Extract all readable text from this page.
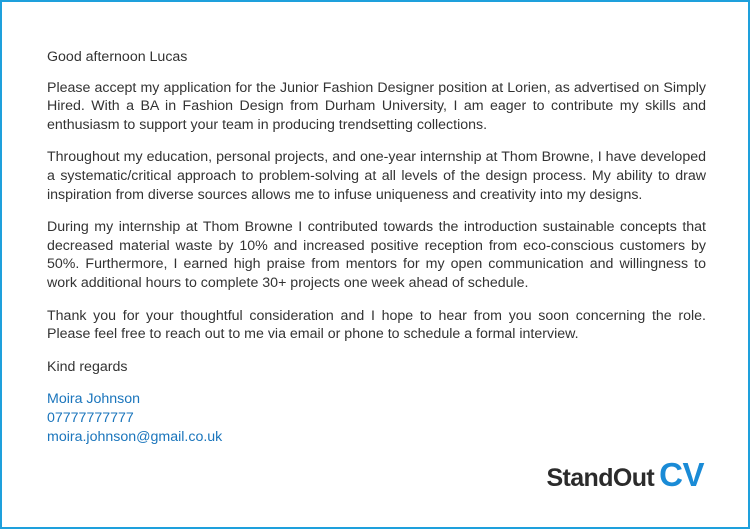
Good afternoon Lucas

Please accept my application for the Junior Fashion Designer position at Lorien, as advertised on Simply Hired. With a BA in Fashion Design from Durham University, I am eager to contribute my skills and enthusiasm to support your team in producing trendsetting collections.

Throughout my education, personal projects, and one-year internship at Thom Browne, I have developed a systematic/critical approach to problem-solving at all levels of the design process. My ability to draw inspiration from diverse sources allows me to infuse uniqueness and creativity into my designs.

During my internship at Thom Browne I contributed towards the introduction sustainable concepts that decreased material waste by 10% and increased positive reception from eco-conscious customers by 50%. Furthermore, I earned high praise from mentors for my open communication and willingness to work additional hours to complete 30+ projects one week ahead of schedule.

Thank you for your thoughtful consideration and I hope to hear from you soon concerning the role. Please feel free to reach out to me via email or phone to schedule a formal interview.

Kind regards
Moira Johnson
07777777777
moira.johnson@gmail.co.uk
StandOut CV
